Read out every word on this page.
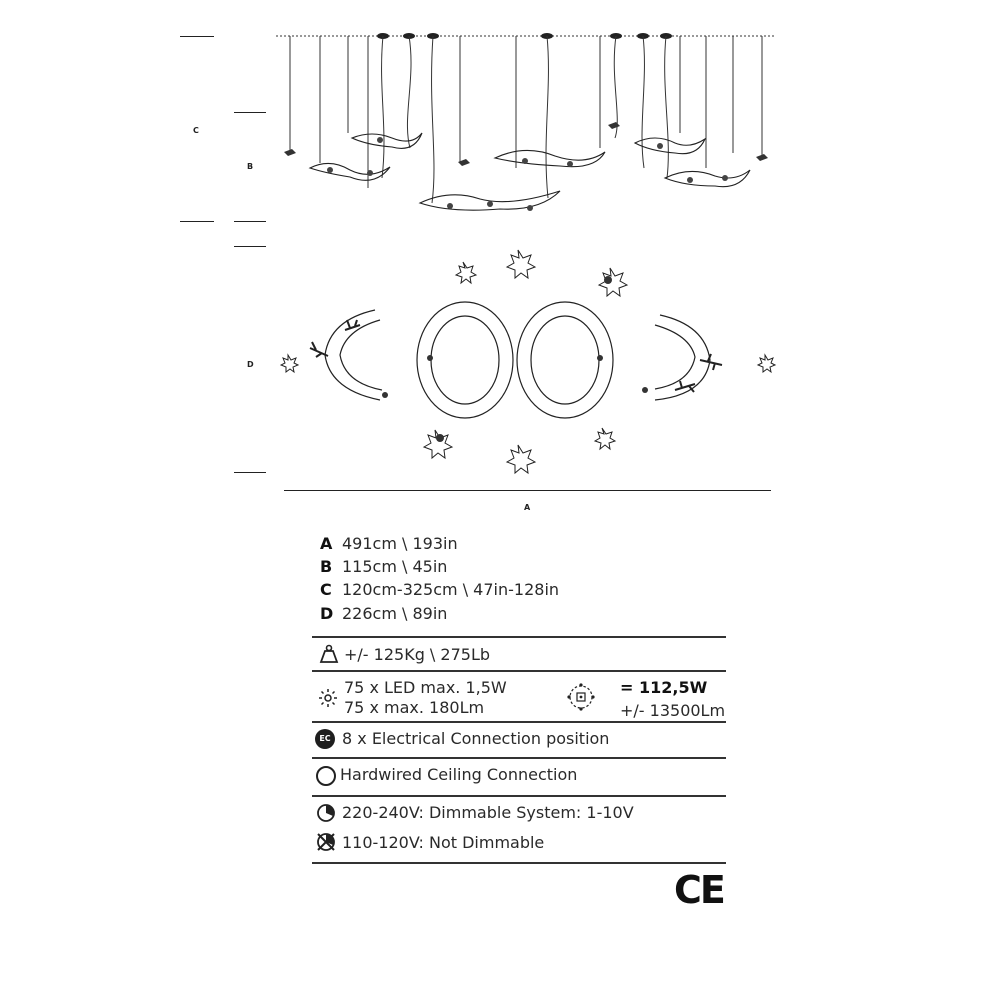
C
B
D
A
A 491cm \ 193in
B 115cm \ 45in
C 120cm-325cm \ 47in-128in
D 226cm \ 89in
+/- 125Kg \ 275Lb
75 x LED max. 1,5W
75 x max. 180Lm
= 112,5W
+/- 13500Lm
EC 8 x Electrical Connection position
Hardwired Ceiling Connection
220-240V: Dimmable System: 1-10V
110-120V: Not Dimmable
CE
